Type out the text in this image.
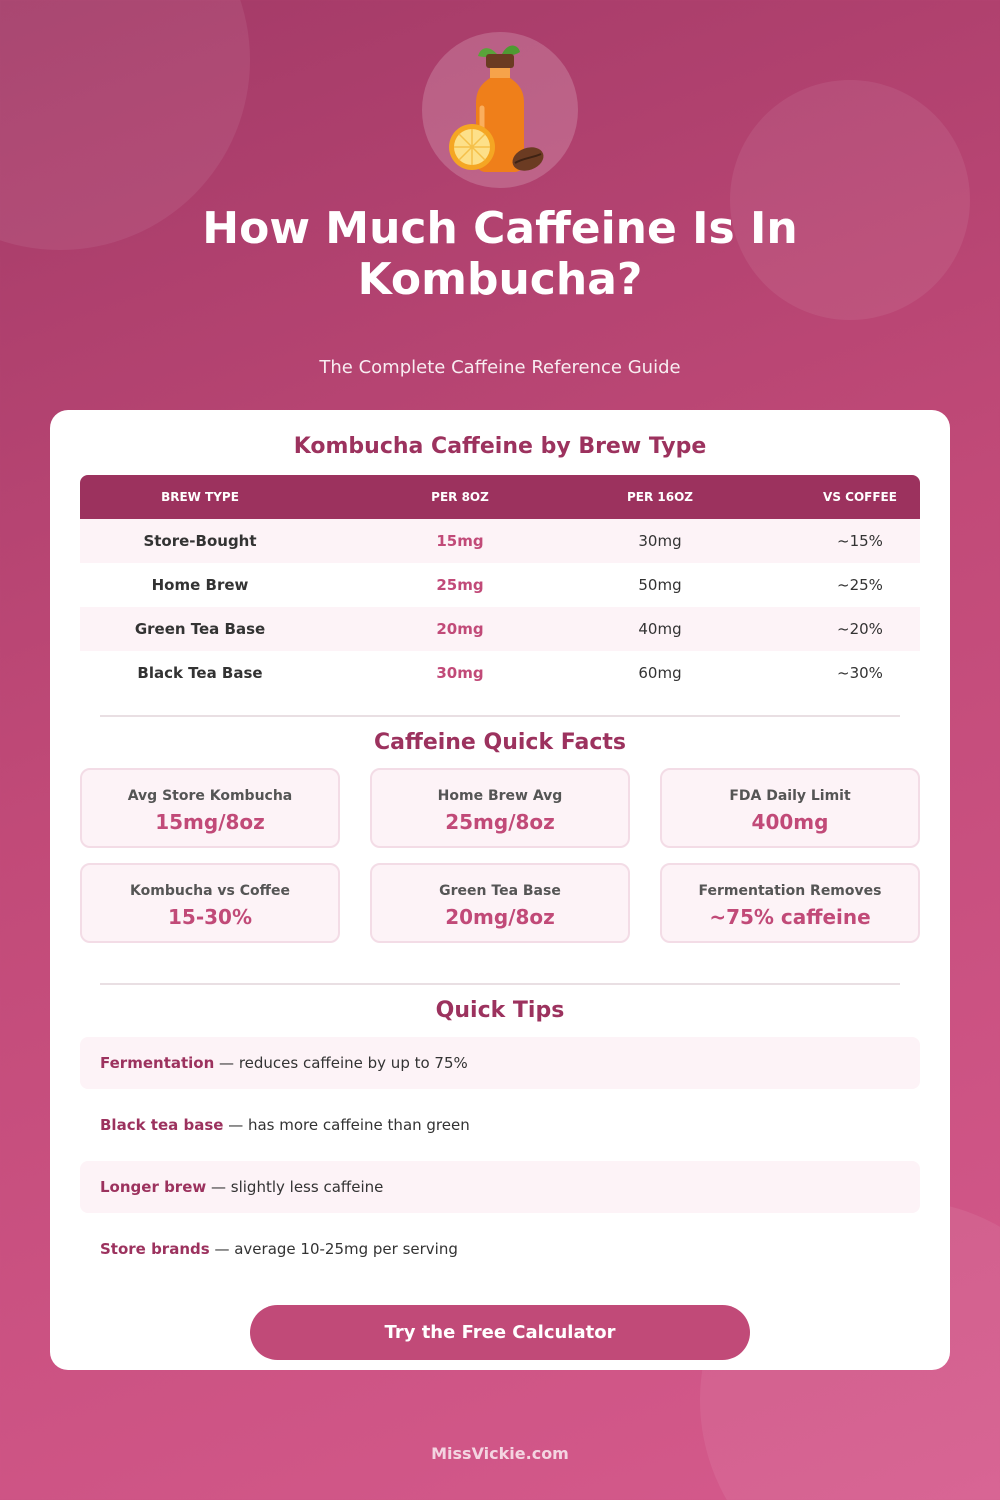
How Much Caffeine Is In Kombucha?
The Complete Caffeine Reference Guide
Kombucha Caffeine by Brew Type
BREW TYPE	PER 8OZ	PER 16OZ	VS COFFEE
Store-Bought	15mg	30mg	~15%
Home Brew	25mg	50mg	~25%
Green Tea Base	20mg	40mg	~20%
Black Tea Base	30mg	60mg	~30%
Caffeine Quick Facts
Avg Store Kombucha
15mg/8oz
Home Brew Avg
25mg/8oz
FDA Daily Limit
400mg
Kombucha vs Coffee
15-30%
Green Tea Base
20mg/8oz
Fermentation Removes
~75% caffeine
Quick Tips
Fermentation — reduces caffeine by up to 75%
Black tea base — has more caffeine than green
Longer brew — slightly less caffeine
Store brands — average 10-25mg per serving
Try the Free Calculator
MissVickie.com
